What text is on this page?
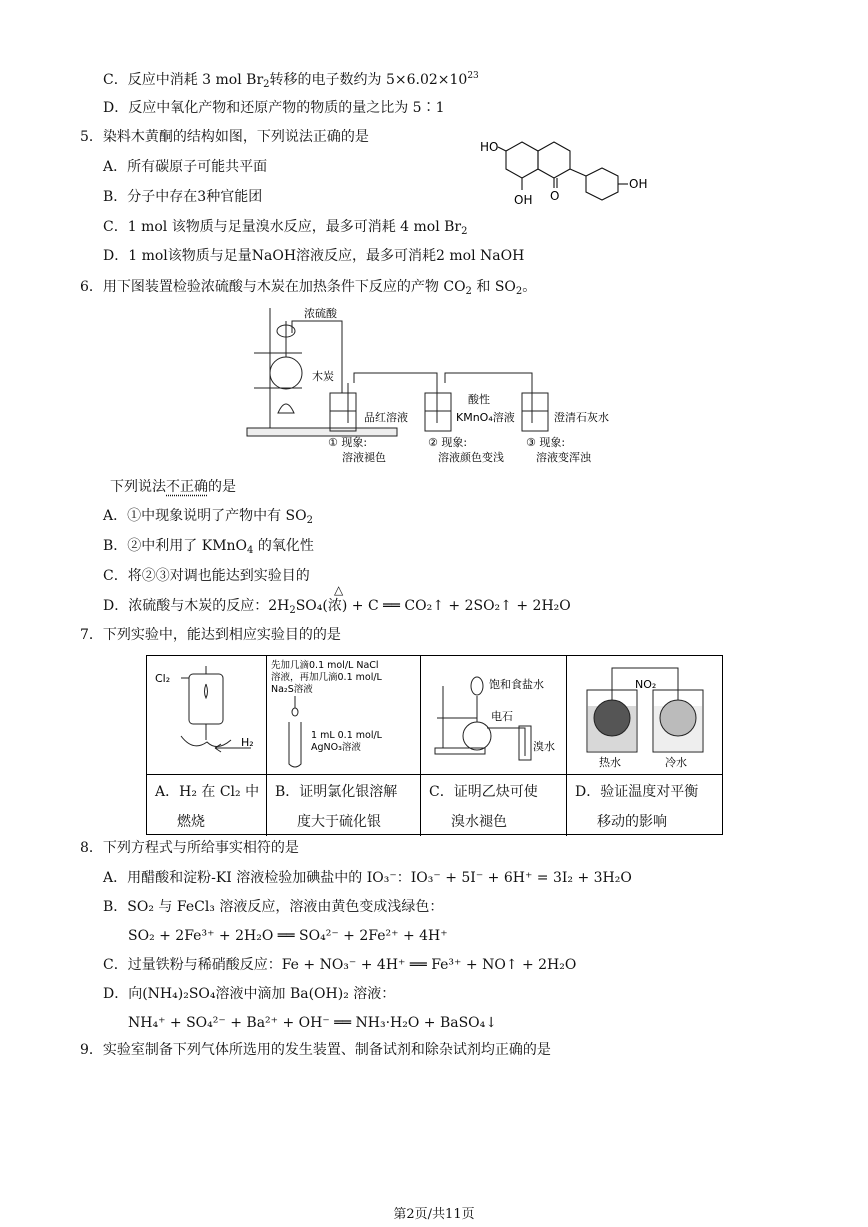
C．反应中消耗 3 mol $Br_2$转移的电子数约为 $5\times 6.02\times 10^{23}$
D．反应中氧化产物和还原产物的物质的量之比为 5∶1
5．染料木黄酮的结构如图，下列说法正确的是
A．所有碳原子可能共平面
B．分子中存在3种官能团
C．1 mol 该物质与足量溴水反应，最多可消耗 4 mol $Br_2$
D．1 mol该物质与足量NaOH溶液反应，最多可消耗2 mol NaOH
HO
OH O
OH
6．用下图装置检验浓硫酸与木炭在加热条件下反应的产物 $CO_2$ 和 $SO_2$。
浓硫酸
木炭
品红溶液
酸性
KMnO₄溶液	澄清石灰水
① 现象:
溶液褪色
② 现象:
溶液颜色变浅
③ 现象:
溶液变浑浊
下列说法不正确的是
A．①中现象说明了产物中有 $SO_2$
B．②中利用了 KMnO$_4$ 的氧化性
C．将②③对调也能达到实验目的
△
D．浓硫酸与木炭的反应：$2H_2SO_4$(浓) + C ══ CO₂↑ + 2SO₂↑ + 2H₂O
7．下列实验中，能达到相应实验目的的是
Cl₂
H₂
先加几滴0.1 mol/L NaCl
溶液，再加几滴0.1 mol/L
Na₂S溶液
1 mL 0.1 mol/L
AgNO₃溶液
饱和食盐水
电石
溴水
NO₂
热水	冷水
A．H₂ 在 Cl₂ 中
燃烧
B．证明氯化银溶解
度大于硫化银
C．证明乙炔可使
溴水褪色
D．验证温度对平衡
移动的影响
8．下列方程式与所给事实相符的是
A．用醋酸和淀粉-KI 溶液检验加碘盐中的 IO₃⁻：IO₃⁻ + 5I⁻ + 6H⁺ = 3I₂ + 3H₂O
B．SO₂ 与 FeCl₃ 溶液反应，溶液由黄色变成浅绿色：
SO₂ + 2Fe³⁺ + 2H₂O ══ SO₄²⁻ + 2Fe²⁺ + 4H⁺
C．过量铁粉与稀硝酸反应：Fe + NO₃⁻ + 4H⁺ ══ Fe³⁺ + NO↑ + 2H₂O
D．向(NH₄)₂SO₄溶液中滴加 Ba(OH)₂ 溶液：
NH₄⁺ + SO₄²⁻ + Ba²⁺ + OH⁻ ══ NH₃·H₂O + BaSO₄↓
9．实验室制备下列气体所选用的发生装置、制备试剂和除杂试剂均正确的是
第2页/共11页
